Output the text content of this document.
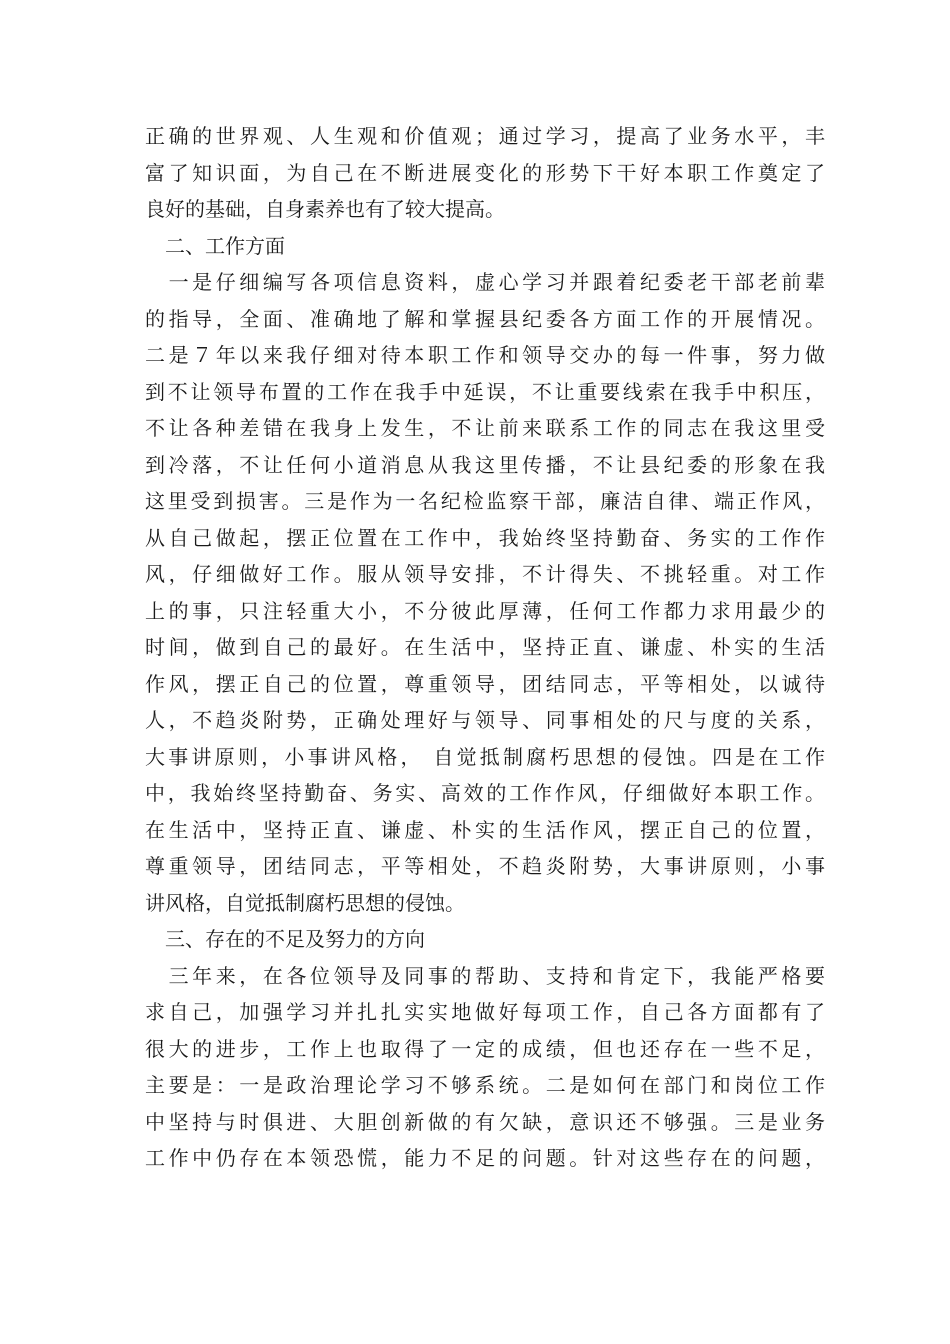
正确的世界观、人生观和价值观；通过学习，提高了业务水平，丰
富了知识面，为自己在不断进展变化的形势下干好本职工作奠定了
良好的基础，自身素养也有了较大提高。
　二、工作方面
　一是仔细编写各项信息资料，虚心学习并跟着纪委老干部老前辈
的指导，全面、准确地了解和掌握县纪委各方面工作的开展情况。
二是７年以来我仔细对待本职工作和领导交办的每一件事，努力做
到不让领导布置的工作在我手中延误，不让重要线索在我手中积压，
不让各种差错在我身上发生，不让前来联系工作的同志在我这里受
到冷落，不让任何小道消息从我这里传播，不让县纪委的形象在我
这里受到损害。三是作为一名纪检监察干部，廉洁自律、端正作风，
从自己做起，摆正位置在工作中，我始终坚持勤奋、务实的工作作
风，仔细做好工作。服从领导安排，不计得失、不挑轻重。对工作
上的事，只注轻重大小，不分彼此厚薄，任何工作都力求用最少的
时间，做到自己的最好。在生活中，坚持正直、谦虚、朴实的生活
作风，摆正自己的位置，尊重领导，团结同志，平等相处，以诚待
人，不趋炎附势，正确处理好与领导、同事相处的尺与度的关系，
大事讲原则，小事讲风格， 自觉抵制腐朽思想的侵蚀。四是在工作
中，我始终坚持勤奋、务实、高效的工作作风，仔细做好本职工作。
在生活中，坚持正直、谦虚、朴实的生活作风，摆正自己的位置，
尊重领导，团结同志，平等相处，不趋炎附势，大事讲原则，小事
讲风格，自觉抵制腐朽思想的侵蚀。
　三、存在的不足及努力的方向
　三年来，在各位领导及同事的帮助、支持和肯定下，我能严格要
求自己，加强学习并扎扎实实地做好每项工作，自己各方面都有了
很大的进步，工作上也取得了一定的成绩，但也还存在一些不足，
主要是：一是政治理论学习不够系统。二是如何在部门和岗位工作
中坚持与时俱进、大胆创新做的有欠缺，意识还不够强。三是业务
工作中仍存在本领恐慌，能力不足的问题。针对这些存在的问题，
